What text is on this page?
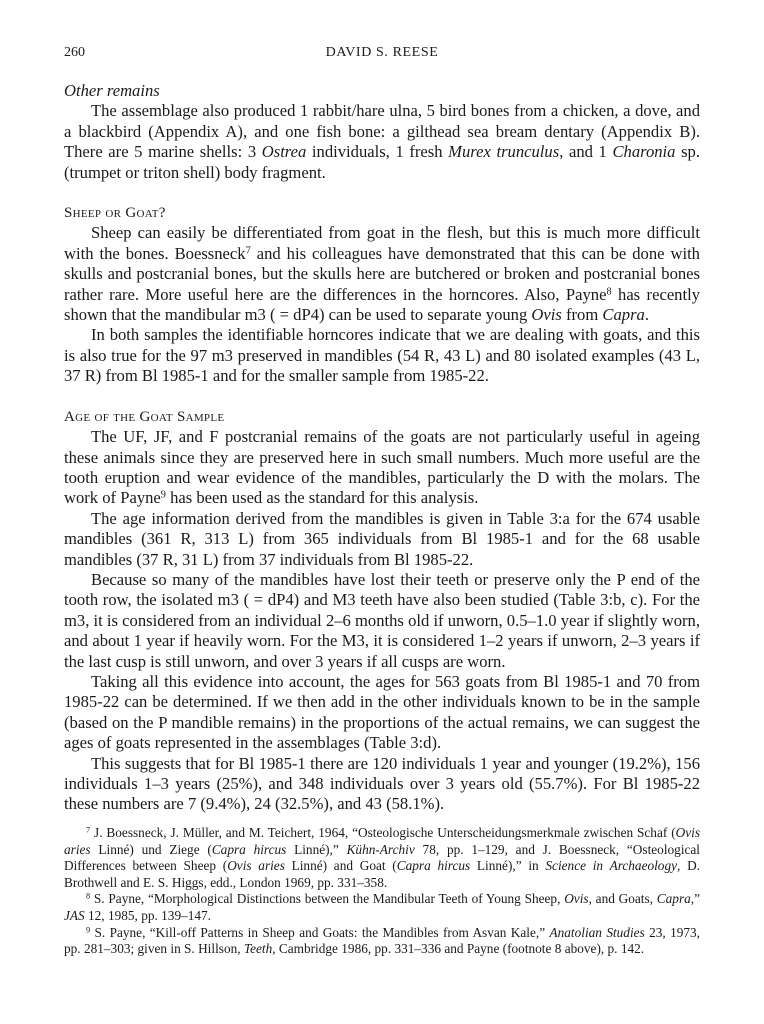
260	DAVID S. REESE
Other remains

The assemblage also produced 1 rabbit/hare ulna, 5 bird bones from a chicken, a dove, and a blackbird (Appendix A), and one fish bone: a gilthead sea bream dentary (Appendix B). There are 5 marine shells: 3 Ostrea individuals, 1 fresh Murex trunculus, and 1 Charonia sp. (trumpet or triton shell) body fragment.

Sheep or Goat?

Sheep can easily be differentiated from goat in the flesh, but this is much more difficult with the bones. Boessneck$^7$ and his colleagues have demonstrated that this can be done with skulls and postcranial bones, but the skulls here are butchered or broken and postcranial bones rather rare. More useful here are the differences in the horncores. Also, Payne$^8$ has recently shown that the mandibular m3 ( = dP4) can be used to separate young Ovis from Capra.

In both samples the identifiable horncores indicate that we are dealing with goats, and this is also true for the 97 m3 preserved in mandibles (54 R, 43 L) and 80 isolated examples (43 L, 37 R) from Bl 1985-1 and for the smaller sample from 1985-22.

Age of the Goat Sample

The UF, JF, and F postcranial remains of the goats are not particularly useful in ageing these animals since they are preserved here in such small numbers. Much more useful are the tooth eruption and wear evidence of the mandibles, particularly the D with the molars. The work of Payne$^9$ has been used as the standard for this analysis.

The age information derived from the mandibles is given in Table 3:a for the 674 usable mandibles (361 R, 313 L) from 365 individuals from Bl 1985-1 and for the 68 usable mandibles (37 R, 31 L) from 37 individuals from Bl 1985-22.

Because so many of the mandibles have lost their teeth or preserve only the P end of the tooth row, the isolated m3 ( = dP4) and M3 teeth have also been studied (Table 3:b, c). For the m3, it is considered from an individual 2–6 months old if unworn, 0.5–1.0 year if slightly worn, and about 1 year if heavily worn. For the M3, it is considered 1–2 years if unworn, 2–3 years if the last cusp is still unworn, and over 3 years if all cusps are worn.

Taking all this evidence into account, the ages for 563 goats from Bl 1985-1 and 70 from 1985-22 can be determined. If we then add in the other individuals known to be in the sample (based on the P mandible remains) in the proportions of the actual remains, we can suggest the ages of goats represented in the assemblages (Table 3:d).

This suggests that for Bl 1985-1 there are 120 individuals 1 year and younger (19.2%), 156 individuals 1–3 years (25%), and 348 individuals over 3 years old (55.7%). For Bl 1985-22 these numbers are 7 (9.4%), 24 (32.5%), and 43 (58.1%).

$^7$ J. Boessneck, J. Müller, and M. Teichert, 1964, “Osteologische Unterscheidungsmerkmale zwischen Schaf (Ovis aries Linné) und Ziege (Capra hircus Linné),” Kühn-Archiv 78, pp. 1–129, and J. Boessneck, “Osteological Differences between Sheep (Ovis aries Linné) and Goat (Capra hircus Linné),” in Science in Archaeology, D. Brothwell and E. S. Higgs, edd., London 1969, pp. 331–358.

$^8$ S. Payne, “Morphological Distinctions between the Mandibular Teeth of Young Sheep, Ovis, and Goats, Capra,” JAS 12, 1985, pp. 139–147.

$^9$ S. Payne, “Kill-off Patterns in Sheep and Goats: the Mandibles from Asvan Kale,” Anatolian Studies 23, 1973, pp. 281–303; given in S. Hillson, Teeth, Cambridge 1986, pp. 331–336 and Payne (footnote 8 above), p. 142.
